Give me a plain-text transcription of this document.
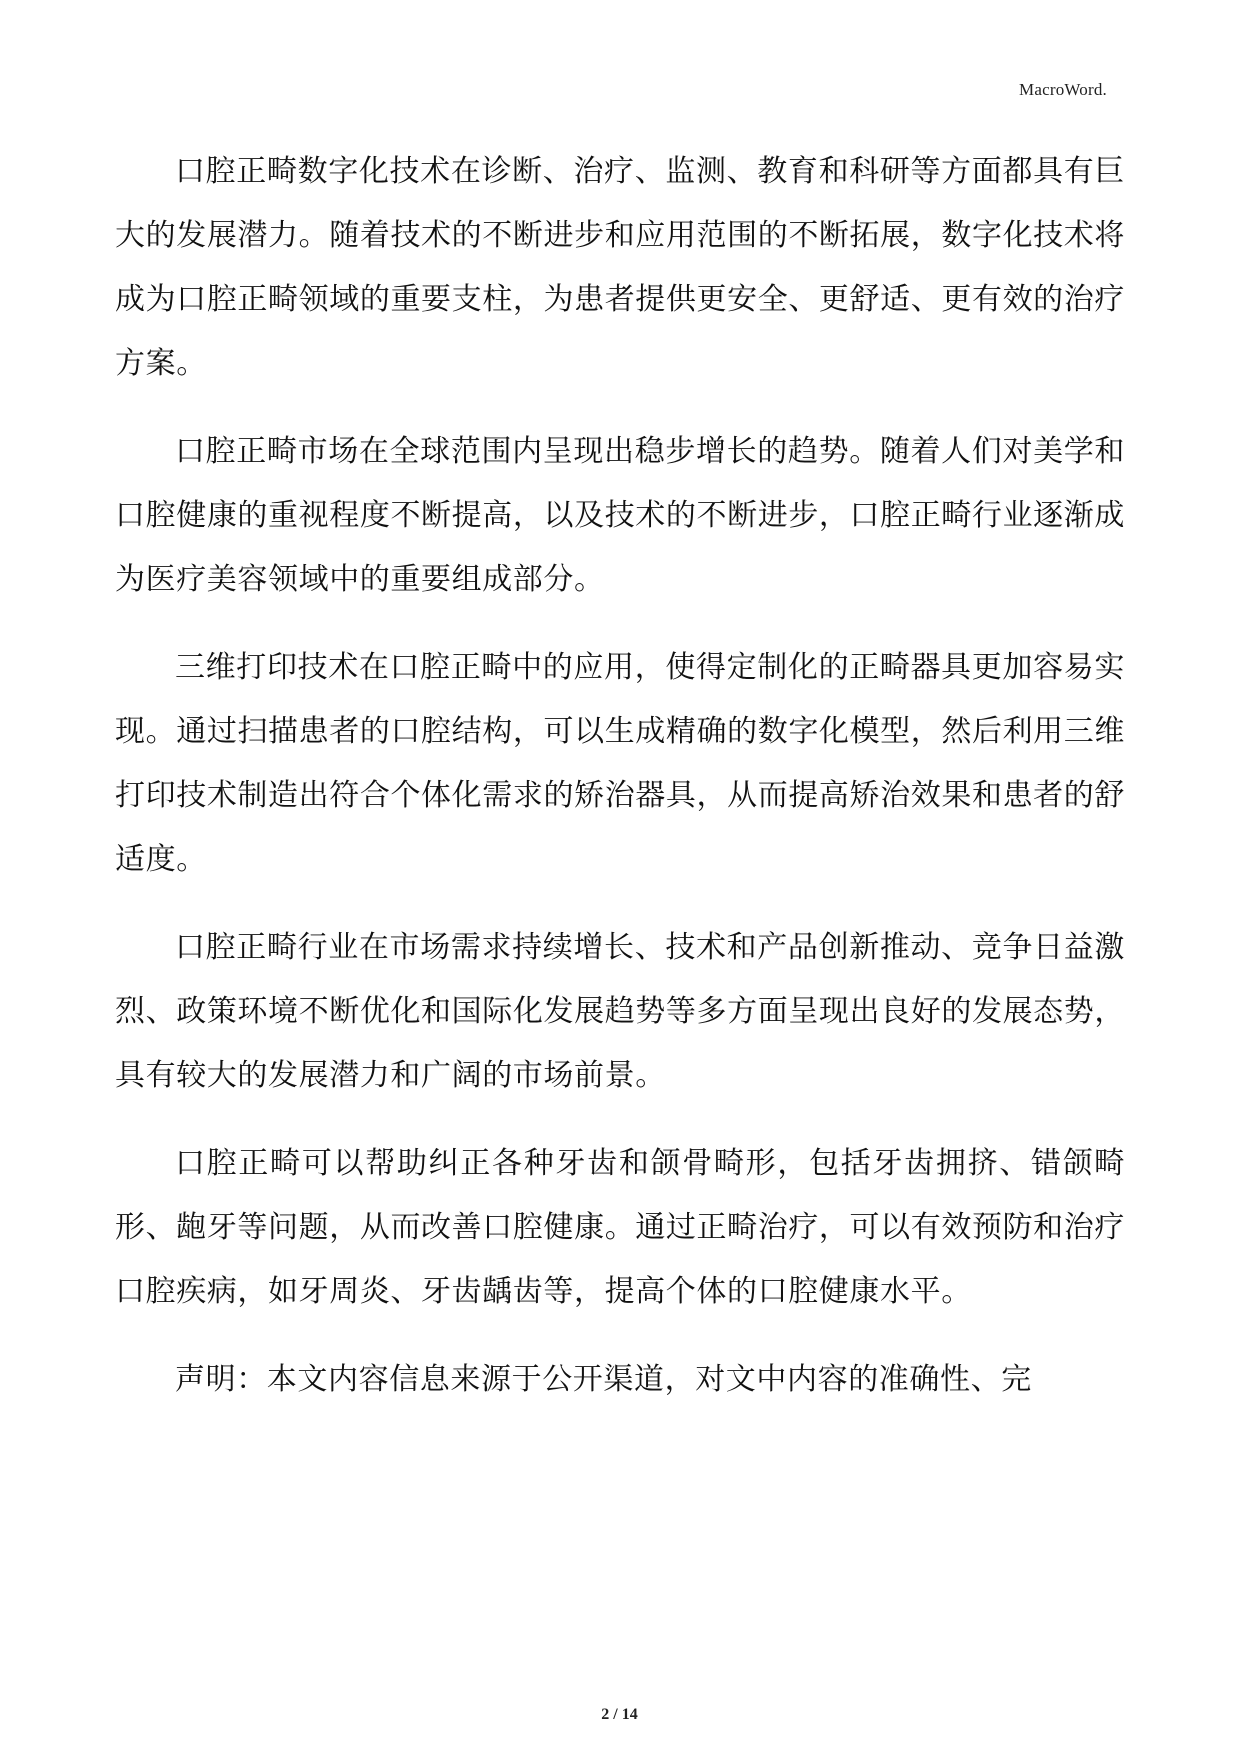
MacroWord.

口腔正畸数字化技术在诊断、治疗、监测、教育和科研等方面都具有巨大的发展潜力。随着技术的不断进步和应用范围的不断拓展，数字化技术将成为口腔正畸领域的重要支柱，为患者提供更安全、更舒适、更有效的治疗方案。

口腔正畸市场在全球范围内呈现出稳步增长的趋势。随着人们对美学和口腔健康的重视程度不断提高，以及技术的不断进步，口腔正畸行业逐渐成为医疗美容领域中的重要组成部分。

三维打印技术在口腔正畸中的应用，使得定制化的正畸器具更加容易实现。通过扫描患者的口腔结构，可以生成精确的数字化模型，然后利用三维打印技术制造出符合个体化需求的矫治器具，从而提高矫治效果和患者的舒适度。

口腔正畸行业在市场需求持续增长、技术和产品创新推动、竞争日益激烈、政策环境不断优化和国际化发展趋势等多方面呈现出良好的发展态势，具有较大的发展潜力和广阔的市场前景。

口腔正畸可以帮助纠正各种牙齿和颌骨畸形，包括牙齿拥挤、错颌畸形、龅牙等问题，从而改善口腔健康。通过正畸治疗，可以有效预防和治疗口腔疾病，如牙周炎、牙齿龋齿等，提高个体的口腔健康水平。

声明：本文内容信息来源于公开渠道，对文中内容的准确性、完

2 / 14
